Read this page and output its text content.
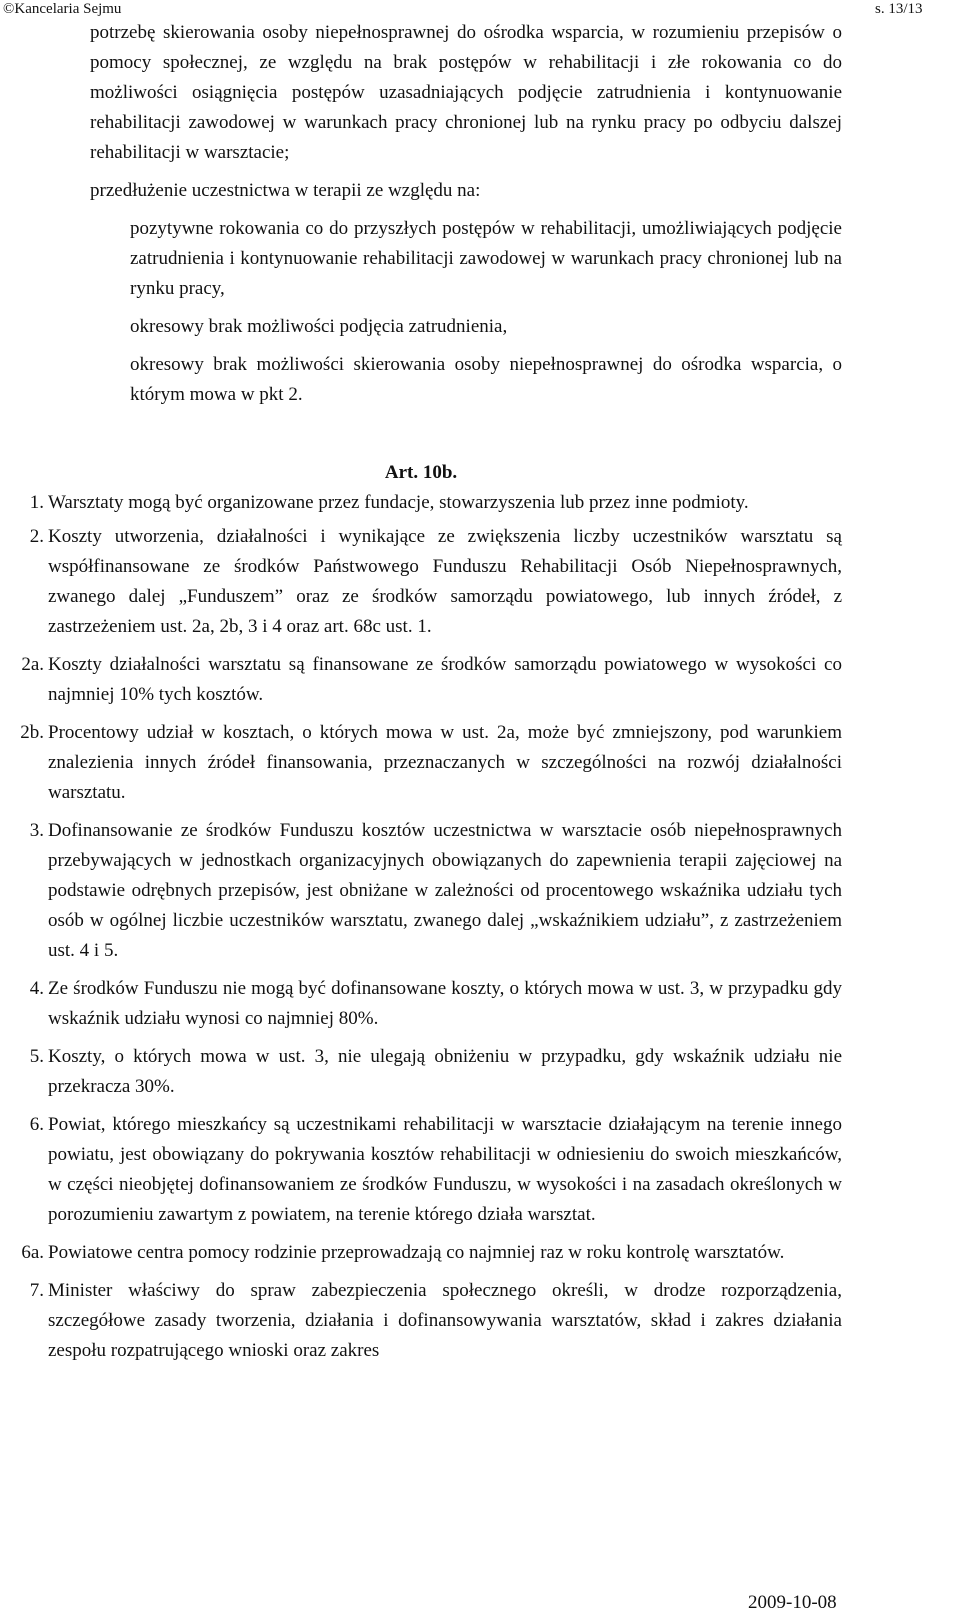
©Kancelaria Sejmu	s. 13/13
potrzebę skierowania osoby niepełnosprawnej do ośrodka wsparcia, w rozumieniu przepisów o pomocy społecznej, ze względu na brak postępów w rehabilitacji i złe rokowania co do możliwości osiągnięcia postępów uzasadniających podjęcie zatrudnienia i kontynuowanie rehabilitacji zawodowej w warunkach pracy chronionej lub na rynku pracy po odbyciu dalszej rehabilitacji w warsztacie;
przedłużenie uczestnictwa w terapii ze względu na:
pozytywne rokowania co do przyszłych postępów w rehabilitacji, umożliwiających podjęcie zatrudnienia i kontynuowanie rehabilitacji zawodowej w warunkach pracy chronionej lub na rynku pracy,
okresowy brak możliwości podjęcia zatrudnienia,
okresowy brak możliwości skierowania osoby niepełnosprawnej do ośrodka wsparcia, o którym mowa w pkt 2.
Art. 10b.
1. Warsztaty mogą być organizowane przez fundacje, stowarzyszenia lub przez inne podmioty.
2. Koszty utworzenia, działalności i wynikające ze zwiększenia liczby uczestników warsztatu są współfinansowane ze środków Państwowego Funduszu Rehabilitacji Osób Niepełnosprawnych, zwanego dalej „Funduszem” oraz ze środków samorządu powiatowego, lub innych źródeł, z zastrzeżeniem ust. 2a, 2b, 3 i 4 oraz art. 68c ust. 1.
2a. Koszty działalności warsztatu są finansowane ze środków samorządu powiatowego w wysokości co najmniej 10% tych kosztów.
2b. Procentowy udział w kosztach, o których mowa w ust. 2a, może być zmniejszony, pod warunkiem znalezienia innych źródeł finansowania, przeznaczanych w szczególności na rozwój działalności warsztatu.
3. Dofinansowanie ze środków Funduszu kosztów uczestnictwa w warsztacie osób niepełnosprawnych przebywających w jednostkach organizacyjnych obowiązanych do zapewnienia terapii zajęciowej na podstawie odrębnych przepisów, jest obniżane w zależności od procentowego wskaźnika udziału tych osób w ogólnej liczbie uczestników warsztatu, zwanego dalej „wskaźnikiem udziału”, z zastrzeżeniem ust. 4 i 5.
4. Ze środków Funduszu nie mogą być dofinansowane koszty, o których mowa w ust. 3, w przypadku gdy wskaźnik udziału wynosi co najmniej 80%.
5. Koszty, o których mowa w ust. 3, nie ulegają obniżeniu w przypadku, gdy wskaźnik udziału nie przekracza 30%.
6. Powiat, którego mieszkańcy są uczestnikami rehabilitacji w warsztacie działającym na terenie innego powiatu, jest obowiązany do pokrywania kosztów rehabilitacji w odniesieniu do swoich mieszkańców, w części nieobjętej dofinansowaniem ze środków Funduszu, w wysokości i na zasadach określonych w porozumieniu zawartym z powiatem, na terenie którego działa warsztat.
6a. Powiatowe centra pomocy rodzinie przeprowadzają co najmniej raz w roku kontrolę warsztatów.
7. Minister właściwy do spraw zabezpieczenia społecznego określi, w drodze rozporządzenia, szczegółowe zasady tworzenia, działania i dofinansowywania warsztatów, skład i zakres działania zespołu rozpatrującego wnioski oraz zakres
2009-10-08
